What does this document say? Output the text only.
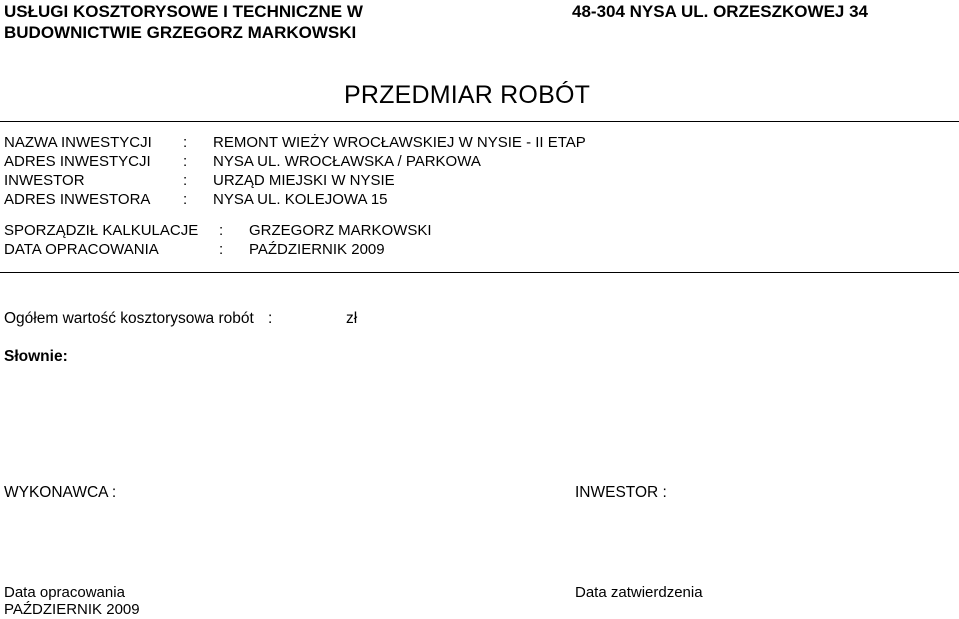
USŁUGI KOSZTORYSOWE I TECHNICZNE W
BUDOWNICTWIE GRZEGORZ MARKOWSKI
48-304 NYSA UL. ORZESZKOWEJ 34
PRZEDMIAR ROBÓT
NAZWA INWESTYCJI : REMONT WIEŻY WROCŁAWSKIEJ W NYSIE - II ETAP
ADRES INWESTYCJI : NYSA UL. WROCŁAWSKA / PARKOWA
INWESTOR	: URZĄD MIEJSKI W NYSIE
ADRES INWESTORA : NYSA UL. KOLEJOWA 15
SPORZĄDZIŁ KALKULACJE : GRZEGORZ MARKOWSKI
DATA OPRACOWANIA	: PAŹDZIERNIK 2009
Ogółem wartość kosztorysowa robót :	zł
Słownie:
WYKONAWCA :	INWESTOR :
Data opracowania
PAŹDZIERNIK 2009
Data zatwierdzenia
